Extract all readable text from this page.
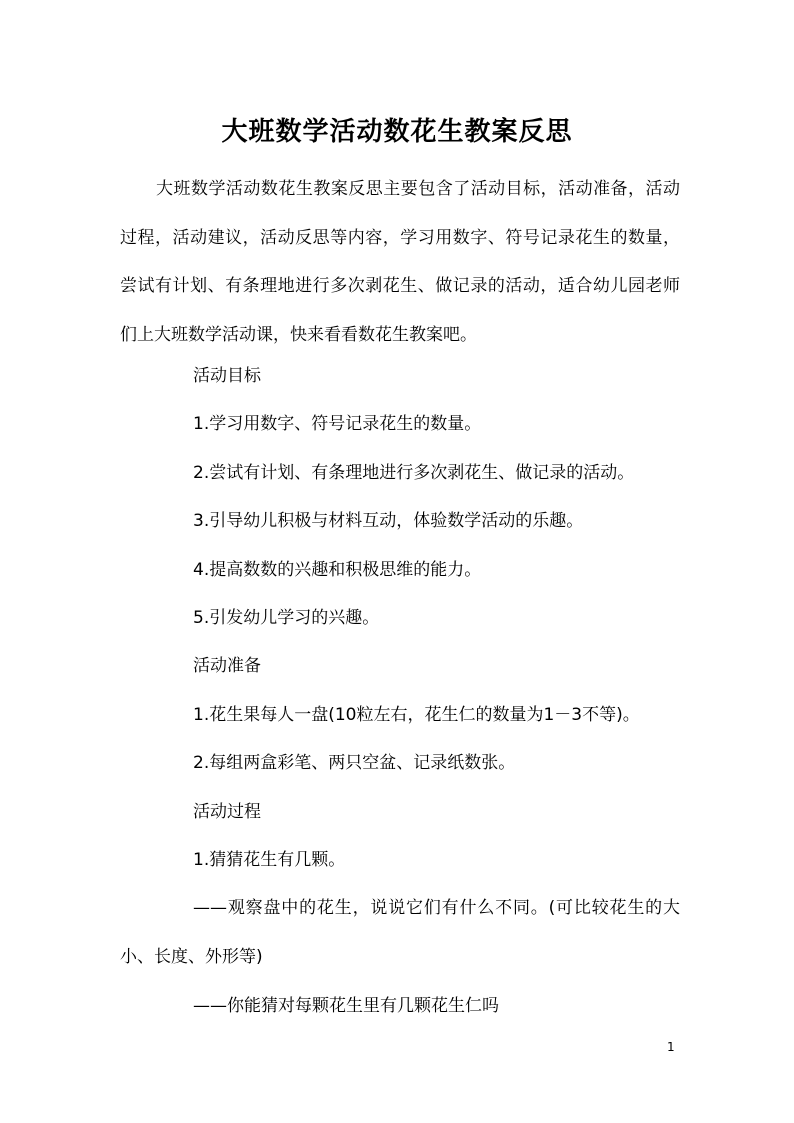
大班数学活动数花生教案反思

大班数学活动数花生教案反思主要包含了活动目标，活动准备，活动过程，活动建议，活动反思等内容，学习用数字、符号记录花生的数量，尝试有计划、有条理地进行多次剥花生、做记录的活动，适合幼儿园老师们上大班数学活动课，快来看看数花生教案吧。

活动目标

1.学习用数字、符号记录花生的数量。

2.尝试有计划、有条理地进行多次剥花生、做记录的活动。

3.引导幼儿积极与材料互动，体验数学活动的乐趣。

4.提高数数的兴趣和积极思维的能力。

5.引发幼儿学习的兴趣。

活动准备

1.花生果每人一盘(10粒左右，花生仁的数量为1－3不等)。

2.每组两盒彩笔、两只空盆、记录纸数张。

活动过程

1.猜猜花生有几颗。

——观察盘中的花生，说说它们有什么不同。(可比较花生的大小、长度、外形等)

——你能猜对每颗花生里有几颗花生仁吗

1
